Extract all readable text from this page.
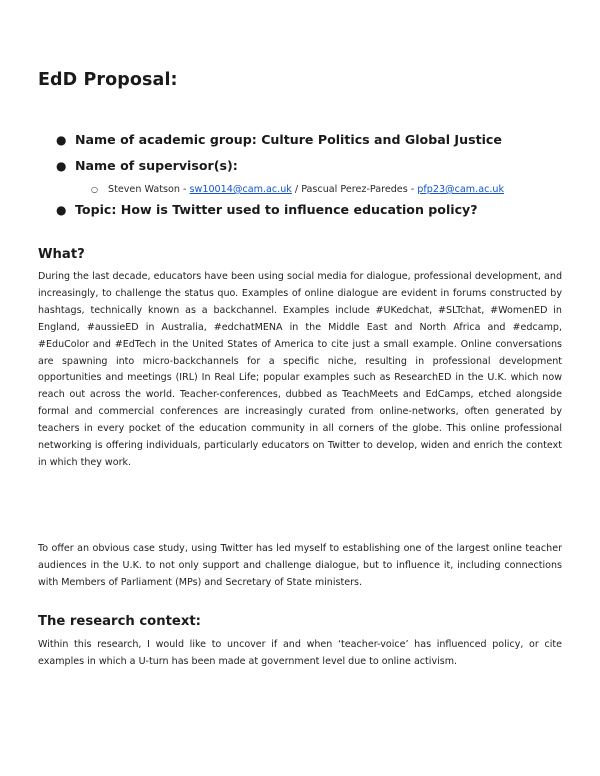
EdD Proposal:
● Name of academic group: Culture Politics and Global Justice
● Name of supervisor(s):
○	Steven Watson - sw10014@cam.ac.uk / Pascual Perez-Paredes - pfp23@cam.ac.uk
● Topic: How is Twitter used to influence education policy?
What?

During the last decade, educators have been using social media for dialogue, professional development, and increasingly, to challenge the status quo. Examples of online dialogue are evident in forums constructed by hashtags, technically known as a backchannel. Examples include #UKedchat, #SLTchat, #WomenED in England, #aussieED in Australia, #edchatMENA in the Middle East and North Africa and #edcamp, #EduColor and #EdTech in the United States of America to cite just a small example. Online conversations are spawning into micro-backchannels for a specific niche, resulting in professional development opportunities and meetings (IRL) In Real Life; popular examples such as ResearchED in the U.K. which now reach out across the world. Teacher-conferences, dubbed as TeachMeets and EdCamps, etched alongside formal and commercial conferences are increasingly curated from online-networks, often generated by teachers in every pocket of the education community in all corners of the globe. This online professional networking is offering individuals, particularly educators on Twitter to develop, widen and enrich the context in which they work.

To offer an obvious case study, using Twitter has led myself to establishing one of the largest online teacher audiences in the U.K. to not only support and challenge dialogue, but to influence it, including connections with Members of Parliament (MPs) and Secretary of State ministers.

The research context:

Within this research, I would like to uncover if and when ‘teacher-voice’ has influenced policy, or cite examples in which a U-turn has been made at government level due to online activism.
